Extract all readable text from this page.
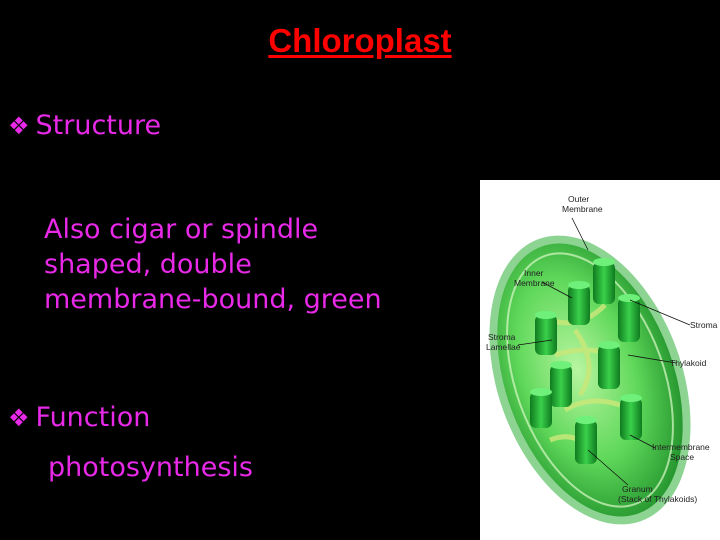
Chloroplast
❖ Structure
Also cigar or spindle
shaped, double
membrane-bound, green
❖ Function
photosynthesis
Outer Membrane
Inner Membrane
Stroma Lamellae
Stroma
Thylakoid
Intermembrane Space
Granum (Stack of Thylakoids)
